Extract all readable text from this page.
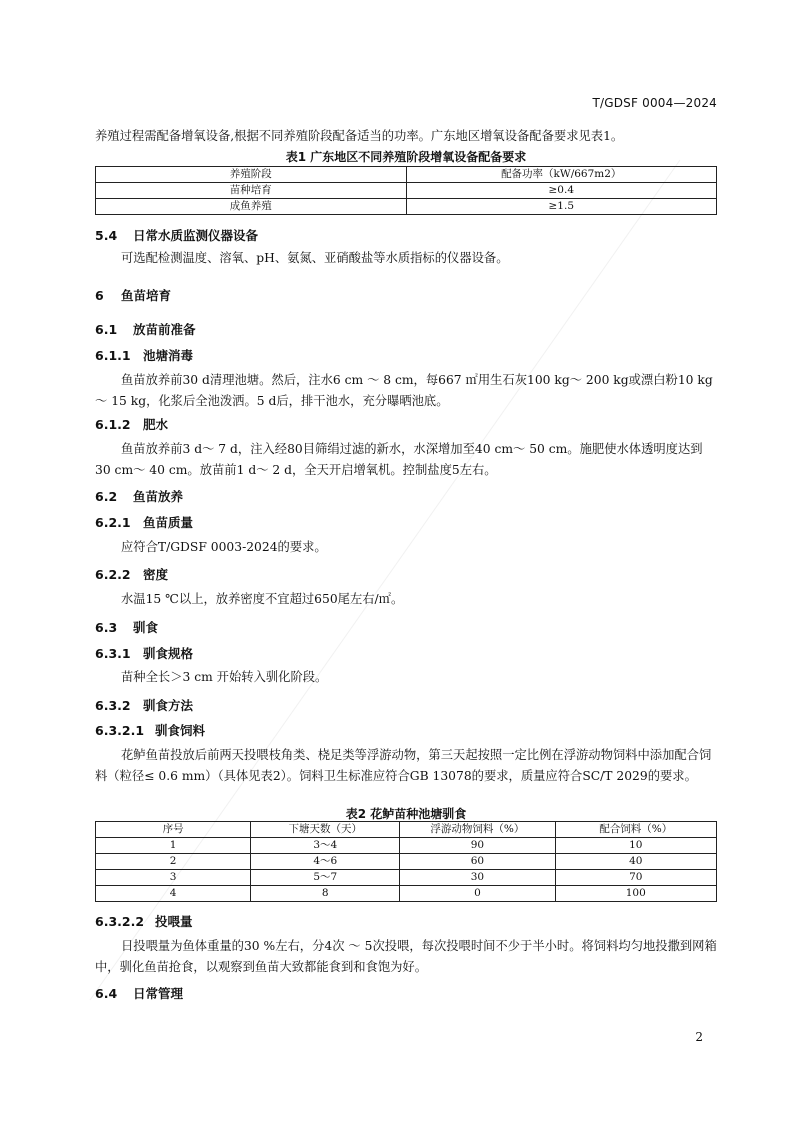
T/GDSF 0004—2024
养殖过程需配备增氧设备,根据不同养殖阶段配备适当的功率。广东地区增氧设备配备要求见表1。
表1 广东地区不同养殖阶段增氧设备配备要求
养殖阶段	配备功率（kW/667m2）
苗种培育	≥0.4
成鱼养殖	≥1.5
5.4 日常水质监测仪器设备
可选配检测温度、溶氧、pH、氨氮、亚硝酸盐等水质指标的仪器设备。
6 鱼苗培育
6.1 放苗前准备
6.1.1 池塘消毒
鱼苗放养前30 d清理池塘。然后，注水6 cm ～ 8 cm，每667 ㎡用生石灰100 kg～ 200 kg或漂白粉10 kg ～ 15 kg，化浆后全池泼洒。5 d后，排干池水，充分曝晒池底。
6.1.2 肥水
鱼苗放养前3 d～ 7 d，注入经80目筛绢过滤的新水，水深增加至40 cm～ 50 cm。施肥使水体透明度达到30 cm～ 40 cm。放苗前1 d～ 2 d，全天开启增氧机。控制盐度5左右。
6.2 鱼苗放养
6.2.1 鱼苗质量
应符合T/GDSF 0003-2024的要求。
6.2.2 密度
水温15 ℃以上，放养密度不宜超过650尾左右/㎡。
6.3 驯食
6.3.1 驯食规格
苗种全长＞3 cm 开始转入驯化阶段。
6.3.2 驯食方法
6.3.2.1 驯食饲料
花鲈鱼苗投放后前两天投喂枝角类、桡足类等浮游动物，第三天起按照一定比例在浮游动物饲料中添加配合饲料（粒径≤ 0.6 mm）（具体见表2）。饲料卫生标准应符合GB 13078的要求，质量应符合SC/T 2029的要求。
表2 花鲈苗种池塘驯食
序号	下塘天数（天）	浮游动物饲料（%）	配合饲料（%）
1	3～4	90	10
2	4～6	60	40
3	5～7	30	70
4	8	0	100
6.3.2.2 投喂量
日投喂量为鱼体重量的30 %左右，分4次 ～ 5次投喂，每次投喂时间不少于半小时。将饲料均匀地投撒到网箱中，驯化鱼苗抢食，以观察到鱼苗大致都能食到和食饱为好。
6.4 日常管理
2
